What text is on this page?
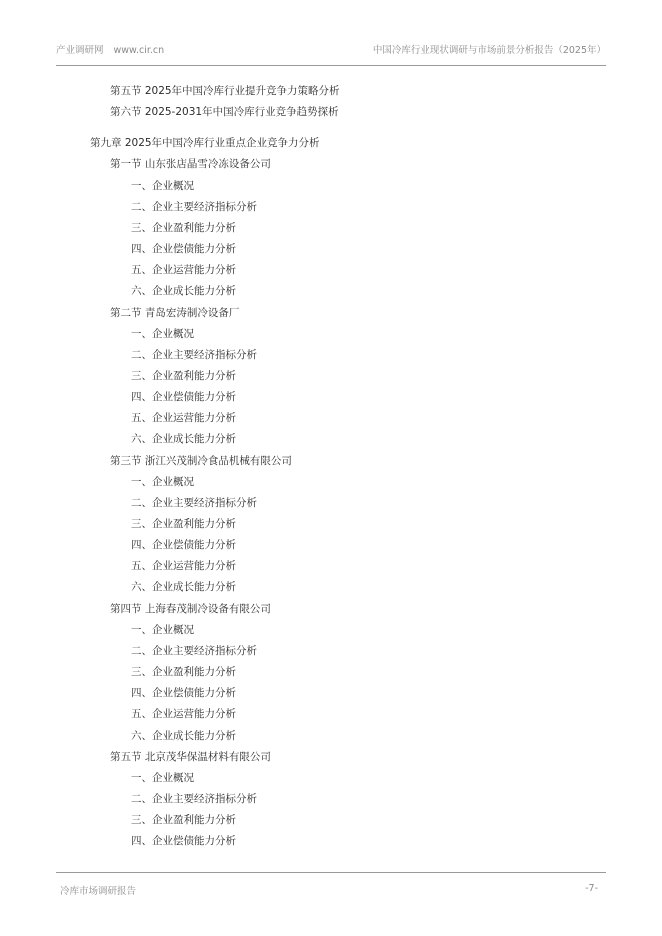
产业调研网 www.cir.cn	中国冷库行业现状调研与市场前景分析报告（2025年）
第五节 2025年中国冷库行业提升竞争力策略分析
第六节 2025-2031年中国冷库行业竞争趋势探析
第九章 2025年中国冷库行业重点企业竞争力分析
第一节 山东张店晶雪冷冻设备公司
一、企业概况
二、企业主要经济指标分析
三、企业盈利能力分析
四、企业偿债能力分析
五、企业运营能力分析
六、企业成长能力分析
第二节 青岛宏涛制冷设备厂
一、企业概况
二、企业主要经济指标分析
三、企业盈利能力分析
四、企业偿债能力分析
五、企业运营能力分析
六、企业成长能力分析
第三节 浙江兴茂制冷食品机械有限公司
一、企业概况
二、企业主要经济指标分析
三、企业盈利能力分析
四、企业偿债能力分析
五、企业运营能力分析
六、企业成长能力分析
第四节 上海春茂制冷设备有限公司
一、企业概况
二、企业主要经济指标分析
三、企业盈利能力分析
四、企业偿债能力分析
五、企业运营能力分析
六、企业成长能力分析
第五节 北京茂华保温材料有限公司
一、企业概况
二、企业主要经济指标分析
三、企业盈利能力分析
四、企业偿债能力分析
冷库市场调研报告	-7-
